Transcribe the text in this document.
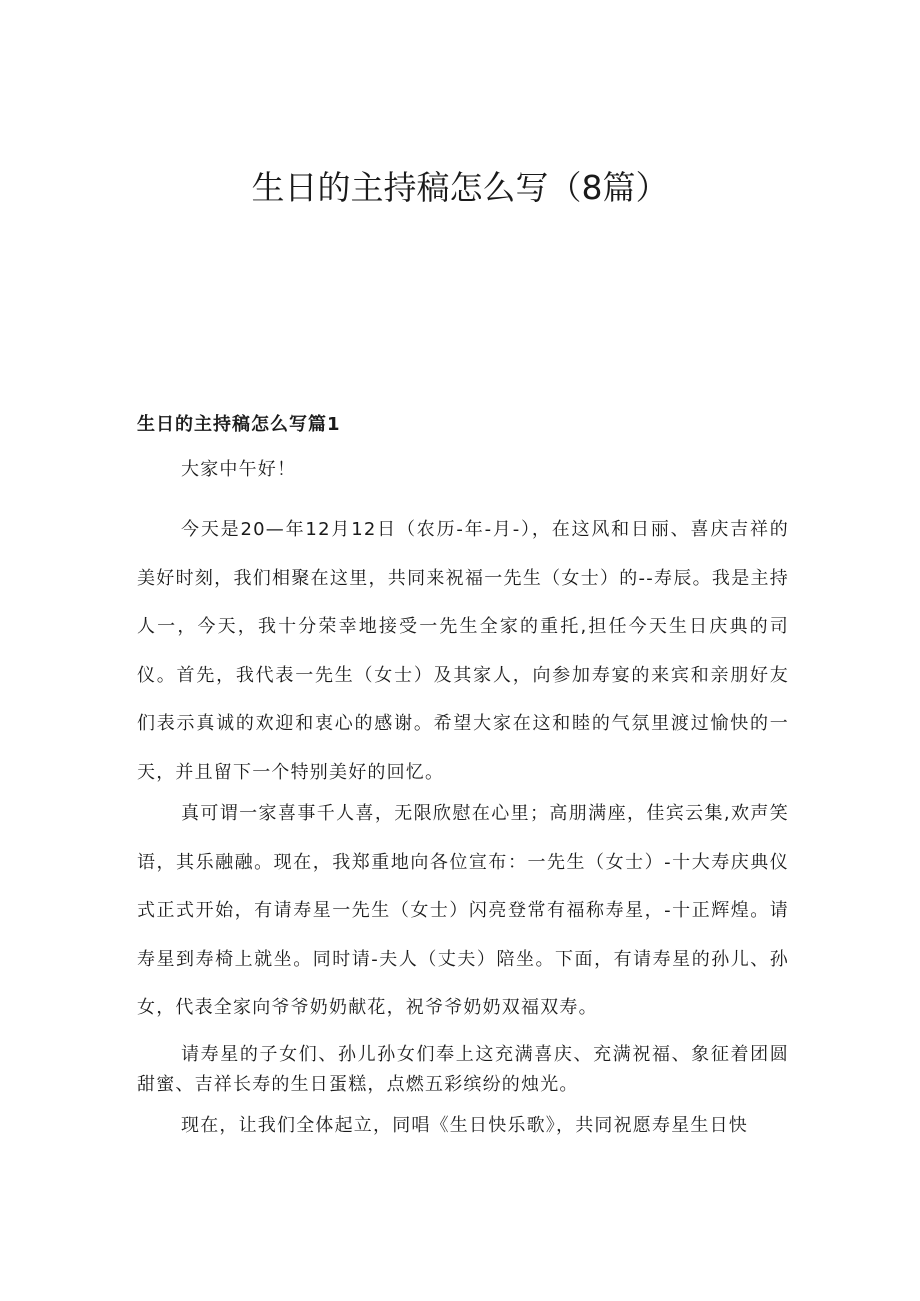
生日的主持稿怎么写（8篇）
生日的主持稿怎么写篇1

大家中午好！

今天是20—年12月12日（农历-年-月-），在这风和日丽、喜庆吉祥的美好时刻，我们相聚在这里，共同来祝福一先生（女士）的--寿辰。我是主持人一，今天，我十分荣幸地接受一先生全家的重托,担任今天生日庆典的司仪。首先，我代表一先生（女士）及其家人，向参加寿宴的来宾和亲朋好友们表示真诚的欢迎和衷心的感谢。希望大家在这和睦的气氛里渡过愉快的一天，并且留下一个特别美好的回忆。

真可谓一家喜事千人喜，无限欣慰在心里；高朋满座，佳宾云集,欢声笑语，其乐融融。现在，我郑重地向各位宣布：一先生（女士）-十大寿庆典仪式正式开始，有请寿星一先生（女士）闪亮登常有福称寿星，-十正辉煌。请寿星到寿椅上就坐。同时请-夫人（丈夫）陪坐。下面，有请寿星的孙儿、孙女，代表全家向爷爷奶奶献花，祝爷爷奶奶双福双寿。

请寿星的子女们、孙儿孙女们奉上这充满喜庆、充满祝福、象征着团圆甜蜜、吉祥长寿的生日蛋糕，点燃五彩缤纷的烛光。

现在，让我们全体起立，同唱《生日快乐歌》，共同祝愿寿星生日快
